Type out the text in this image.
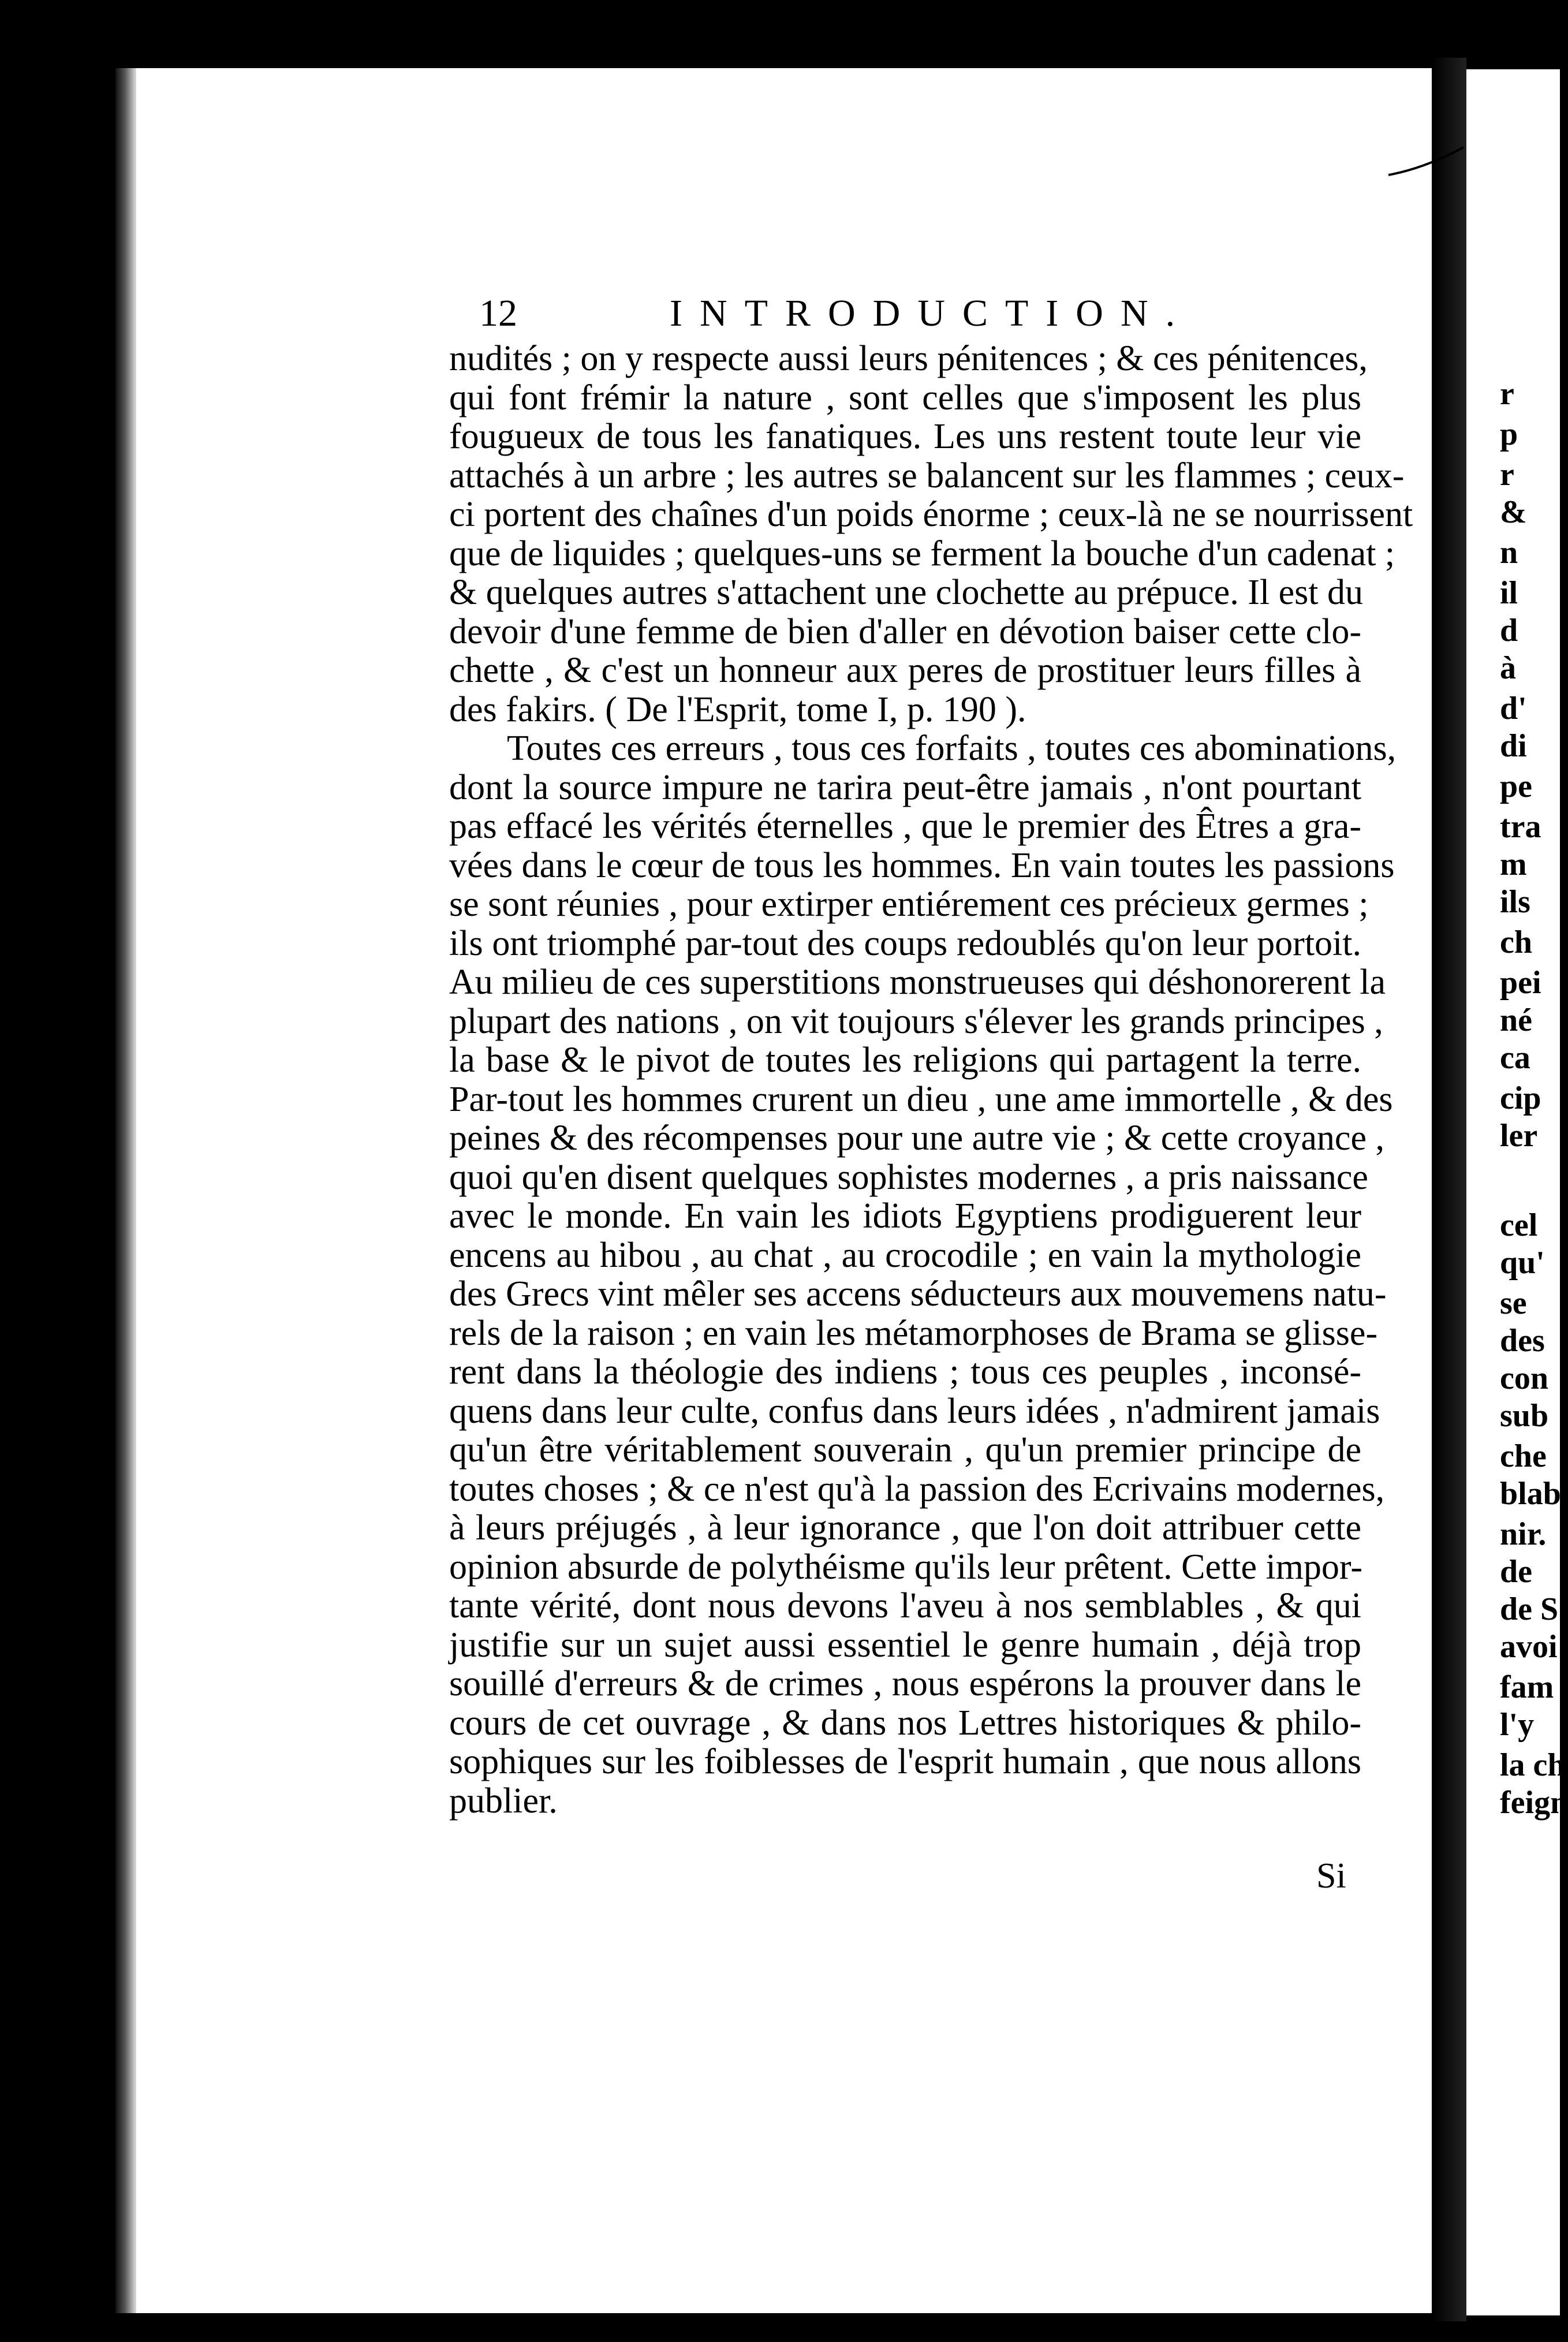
12	INTRODUCTION.
nudités ; on y respecte aussi leurs pénitences ; & ces pénitences,
qui font frémir la nature , sont celles que s'imposent les plus
fougueux de tous les fanatiques. Les uns restent toute leur vie
attachés à un arbre ; les autres se balancent sur les flammes ; ceux-
ci portent des chaînes d'un poids énorme ; ceux-là ne se nourrissent
que de liquides ; quelques-uns se ferment la bouche d'un cadenat ;
& quelques autres s'attachent une clochette au prépuce. Il est du
devoir d'une femme de bien d'aller en dévotion baiser cette clo-
chette , & c'est un honneur aux peres de prostituer leurs filles à
des fakirs. ( De l'Esprit, tome I, p. 190 ).
Toutes ces erreurs , tous ces forfaits , toutes ces abominations,
dont la source impure ne tarira peut-être jamais , n'ont pourtant
pas effacé les vérités éternelles , que le premier des Êtres a gra-
vées dans le cœur de tous les hommes. En vain toutes les passions
se sont réunies , pour extirper entiérement ces précieux germes ;
ils ont triomphé par-tout des coups redoublés qu'on leur portoit.
Au milieu de ces superstitions monstrueuses qui déshonorerent la
plupart des nations , on vit toujours s'élever les grands principes ,
la base & le pivot de toutes les religions qui partagent la terre.
Par-tout les hommes crurent un dieu , une ame immortelle , & des
peines & des récompenses pour une autre vie ; & cette croyance ,
quoi qu'en disent quelques sophistes modernes , a pris naissance
avec le monde. En vain les idiots Egyptiens prodiguerent leur
encens au hibou , au chat , au crocodile ; en vain la mythologie
des Grecs vint mêler ses accens séducteurs aux mouvemens natu-
rels de la raison ; en vain les métamorphoses de Brama se glisse-
rent dans la théologie des indiens ; tous ces peuples , inconsé-
quens dans leur culte, confus dans leurs idées , n'admirent jamais
qu'un être véritablement souverain , qu'un premier principe de
toutes choses ; & ce n'est qu'à la passion des Ecrivains modernes,
à leurs préjugés , à leur ignorance , que l'on doit attribuer cette
opinion absurde de polythéisme qu'ils leur prêtent. Cette impor-
tante vérité, dont nous devons l'aveu à nos semblables , & qui
justifie sur un sujet aussi essentiel le genre humain , déjà trop
souillé d'erreurs & de crimes , nous espérons la prouver dans le
cours de cet ouvrage , & dans nos Lettres historiques & philo-
sophiques sur les foiblesses de l'esprit humain , que nous allons
publier.
Si
r
p
r
&
n
il
d
à
d'
di
pe
tra
m
ils
ch
pei
né
ca
cip
ler
cel
qu'
se
des
con
sub
che
blab
nir.
de
de S
avoi
fam
l'y
la ch
feign
